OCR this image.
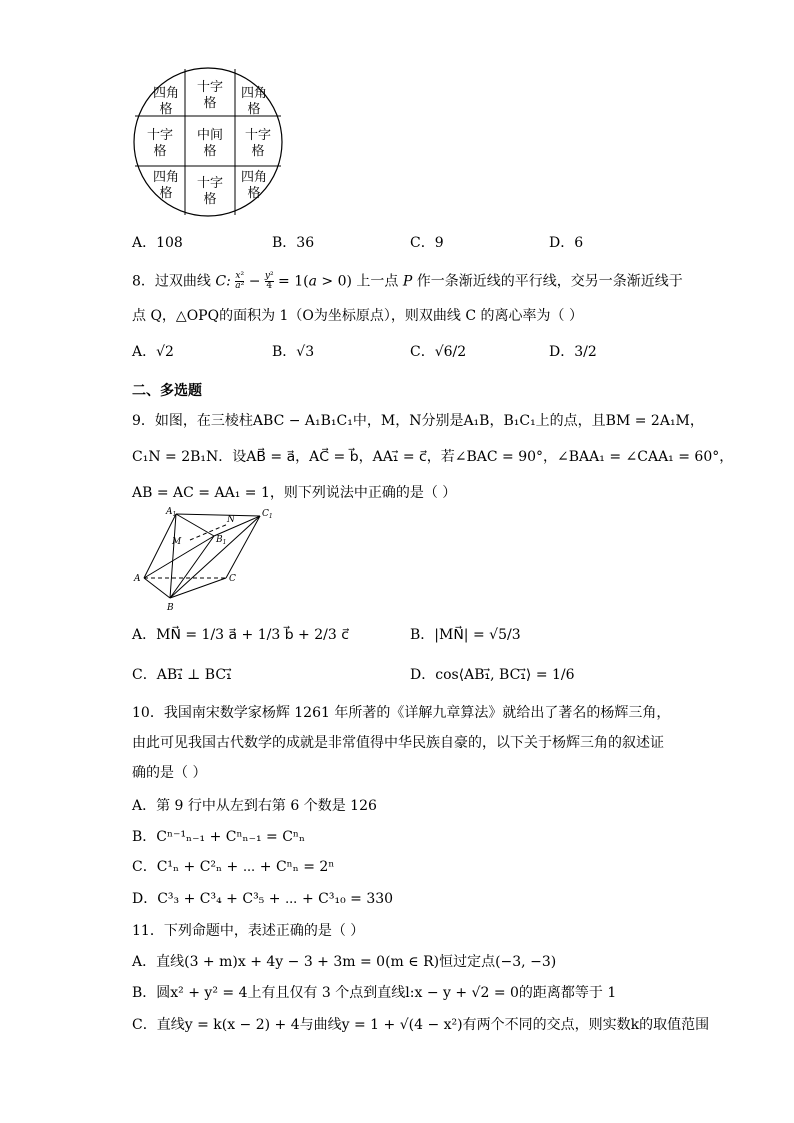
四角
格
十字
格
四角
格
十字
格
中间
格
十字
格
四角
格
十字
格
四角
格
A．108	B．36	C．9	D．6
8．过双曲线 C: $\frac{\text{x²}}{\text{a²}} - \frac{\text{y²}}{4} = 1(a > 0)$ 上一点 P 作一条渐近线的平行线，交另一条渐近线于
点 Q，△OPQ的面积为 1（O为坐标原点），则双曲线 C 的离心率为（ ）
A．√2	B．√3	C．√6/2	D．3/2
二、多选题
9．如图，在三棱柱ABC − A₁B₁C₁中，M，N分别是A₁B，B₁C₁上的点，且BM = 2A₁M，
C₁N = 2B₁N．设AB⃗ = a⃗，AC⃗ = b⃗，AA₁⃗ = c⃗，若∠BAC = 90°，∠BAA₁ = ∠CAA₁ = 60°，
AB = AC = AA₁ = 1，则下列说法中正确的是（ ）
$A_1$	$C_1$
N
M	$B_1$
A	C
B
A．MN⃗ = 1/3 a⃗ + 1/3 b⃗ + 2/3 c⃗	B．|MN⃗| = √5/3
C．AB₁⃗ ⊥ BC₁⃗	D．cos⟨AB₁⃗, BC₁⃗⟩ = 1/6
10．我国南宋数学家杨辉 1261 年所著的《详解九章算法》就给出了著名的杨辉三角，
由此可见我国古代数学的成就是非常值得中华民族自豪的，以下关于杨辉三角的叙述证
确的是（ ）
A．第 9 行中从左到右第 6 个数是 126
B．Cⁿ⁻¹ₙ₋₁ + Cⁿₙ₋₁ = Cⁿₙ
C．C¹ₙ + C²ₙ + ⋯ + Cⁿₙ = 2ⁿ
D．C³₃ + C³₄ + C³₅ + ⋯ + C³₁₀ = 330
11．下列命题中，表述正确的是（ ）
A．直线(3 + m)x + 4y − 3 + 3m = 0(m ∈ R)恒过定点(−3, −3)
B．圆x² + y² = 4上有且仅有 3 个点到直线l:x − y + √2 = 0的距离都等于 1
C．直线y = k(x − 2) + 4与曲线y = 1 + √(4 − x²)有两个不同的交点，则实数k的取值范围
